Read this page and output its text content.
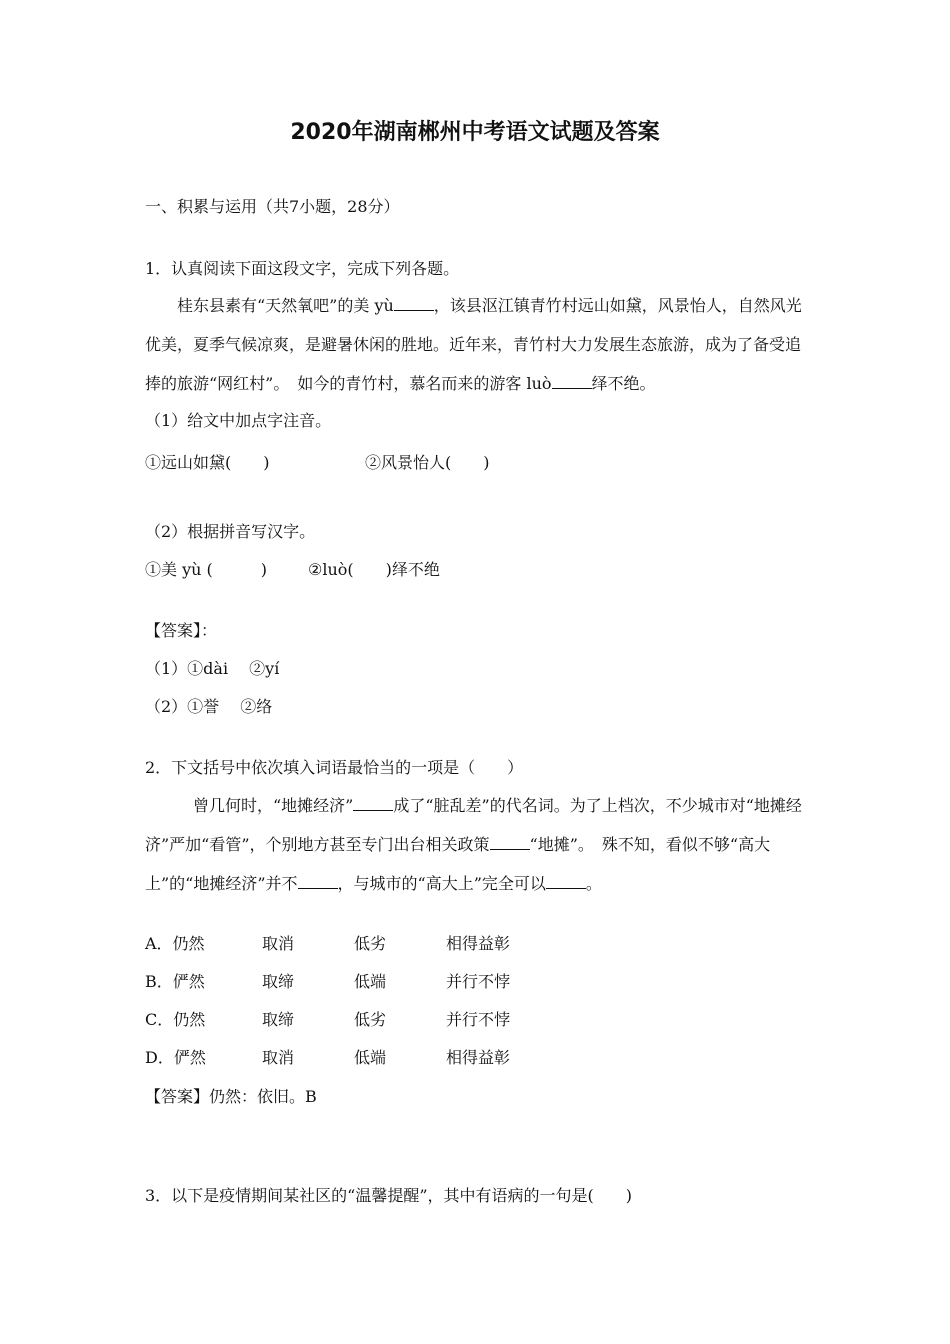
2020年湖南郴州中考语文试题及答案
一、积累与运用（共7小题，28分）
1．认真阅读下面这段文字，完成下列各题。
桂东县素有“天然氧吧”的美 yù	，该县沤江镇青竹村远山如黛，风景怡人，自然风光优美，夏季气候凉爽，是避暑休闲的胜地。近年来，青竹村大力发展生态旅游，成为了备受追捧的旅游“网红村”。　如今的青竹村，慕名而来的游客 luò	绎不绝。
（1）给文中加点字注音。
①远山如黛(　　)	②风景怡人(　　)
（2）根据拼音写汉字。
①美 yù (　　　)	②luò(　　)绎不绝
【答案】：
（1）①dài　 ②yí
（2）①誉　 ②络
2．下文括号中依次填入词语最恰当的一项是（　　）
曾几何时，“地摊经济”	成了“脏乱差”的代名词。为了上档次，不少城市对“地摊经济”严加“看管”，个别地方甚至专门出台相关政策	“地摊”。　殊不知，看似不够“高大上”的“地摊经济”并不	，与城市的“高大上”完全可以	。
A．仍然	取消	低劣	相得益彰
B．俨然	取缔	低端	并行不悖
C．仍然	取缔	低劣	并行不悖
D．俨然	取消	低端	相得益彰
【答案】仍然：依旧。B
3．以下是疫情期间某社区的“温馨提醒”，其中有语病的一句是(　　)
